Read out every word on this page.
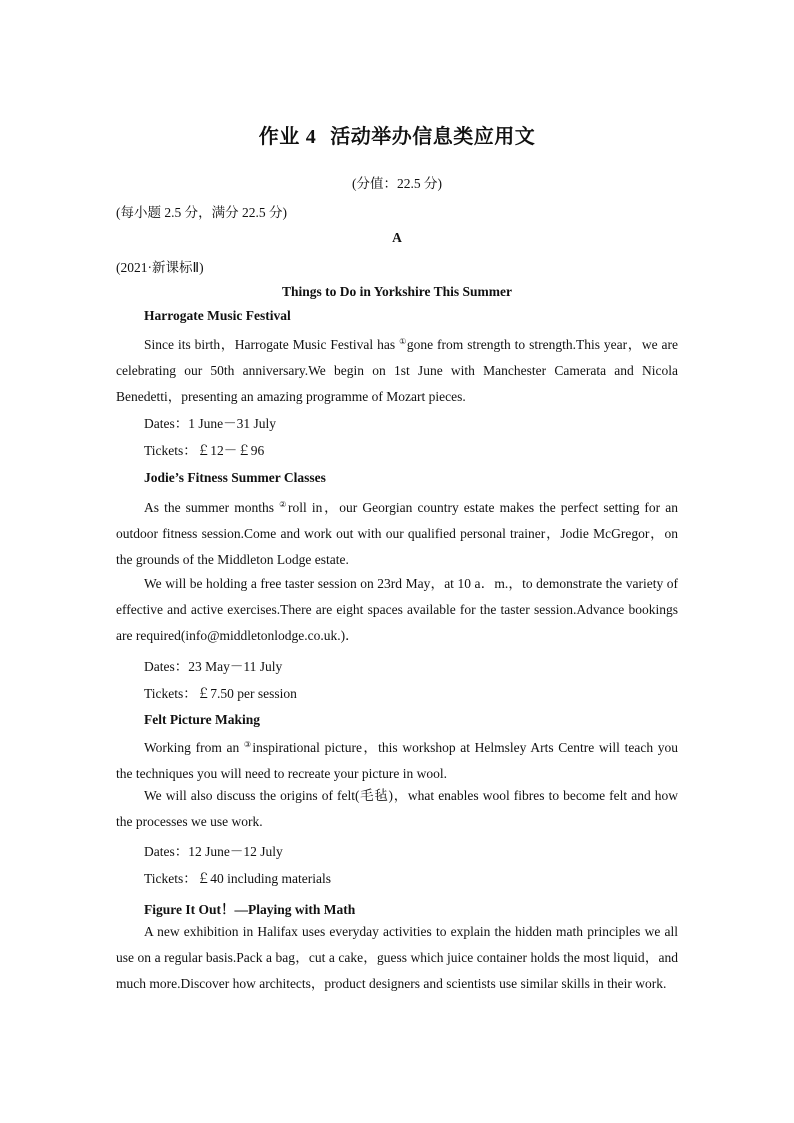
作业 4 活动举办信息类应用文
(分值：22.5 分)
(每小题 2.5 分，满分 22.5 分)
A
(2021·新课标Ⅱ)
Things to Do in Yorkshire This Summer
Harrogate Music Festival
Since its birth，Harrogate Music Festival has ①gone from strength to strength.This year，we are celebrating our 50th anniversary.We begin on 1st June with Manchester Camerata and Nicola Benedetti，presenting an amazing programme of Mozart pieces.
Dates：1 June－31 July
Tickets：￡12－￡96
Jodie’s Fitness Summer Classes
As the summer months ②roll in，our Georgian country estate makes the perfect setting for an outdoor fitness session.Come and work out with our qualified personal trainer，Jodie McGregor，on the grounds of the Middleton Lodge estate.
We will be holding a free taster session on 23rd May，at 10 a．m.，to demonstrate the variety of effective and active exercises.There are eight spaces available for the taster session.Advance bookings are required(info@middletonlodge.co.uk.)．
Dates：23 May－11 July
Tickets：￡7.50 per session
Felt Picture Making
Working from an ③inspirational picture，this workshop at Helmsley Arts Centre will teach you the techniques you will need to recreate your picture in wool.
We will also discuss the origins of felt(毛毡)，what enables wool fibres to become felt and how the processes we use work.
Dates：12 June－12 July
Tickets：￡40 including materials
Figure It Out！—Playing with Math
A new exhibition in Halifax uses everyday activities to explain the hidden math principles we all use on a regular basis.Pack a bag，cut a cake，guess which juice container holds the most liquid，and much more.Discover how architects，product designers and scientists use similar skills in their work.
